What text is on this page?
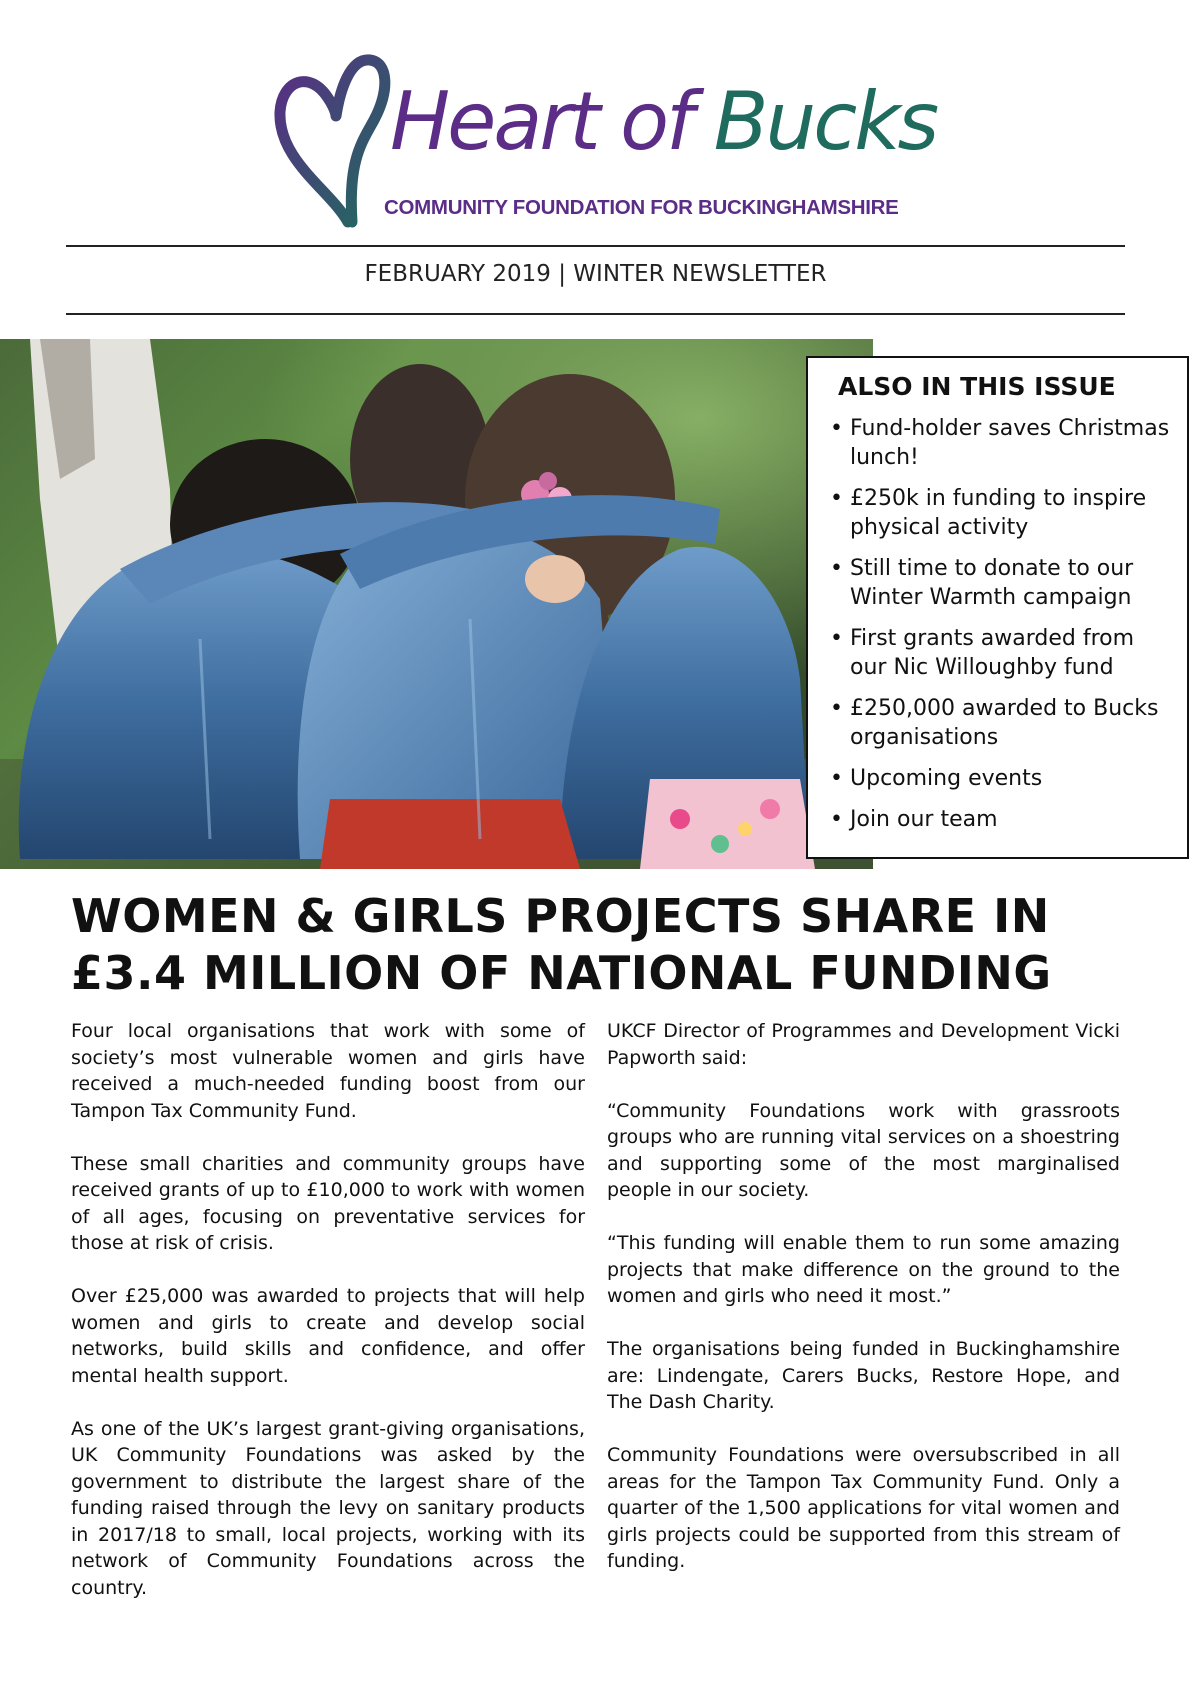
Heart of Bucks
COMMUNITY FOUNDATION FOR BUCKINGHAMSHIRE
FEBRUARY 2019 | WINTER NEWSLETTER
ALSO IN THIS ISSUE
• Fund-holder saves Christmas lunch!
• £250k in funding to inspire physical activity
• Still time to donate to our Winter Warmth campaign
• First grants awarded from our Nic Willoughby fund
• £250,000 awarded to Bucks organisations
• Upcoming events
• Join our team
WOMEN & GIRLS PROJECTS SHARE IN
£3.4 MILLION OF NATIONAL FUNDING

Four local organisations that work with some of society’s most vulnerable women and girls have received a much-needed funding boost from our Tampon Tax Community Fund.

These small charities and community groups have received grants of up to £10,000 to work with women of all ages, focusing on preventative services for those at risk of crisis.

Over £25,000 was awarded to projects that will help women and girls to create and develop social networks, build skills and confidence, and offer mental health support.

As one of the UK’s largest grant-giving organisations, UK Community Foundations was asked by the government to distribute the largest share of the funding raised through the levy on sanitary products in 2017/18 to small, local projects, working with its network of Community Foundations across the country.

UKCF Director of Programmes and Development Vicki Papworth said:

“Community Foundations work with grassroots groups who are running vital services on a shoestring and supporting some of the most marginalised people in our society.

“This funding will enable them to run some amazing projects that make difference on the ground to the women and girls who need it most.”

The organisations being funded in Buckinghamshire are: Lindengate, Carers Bucks, Restore Hope, and The Dash Charity.

Community Foundations were oversubscribed in all areas for the Tampon Tax Community Fund. Only a quarter of the 1,500 applications for vital women and girls projects could be supported from this stream of funding.
